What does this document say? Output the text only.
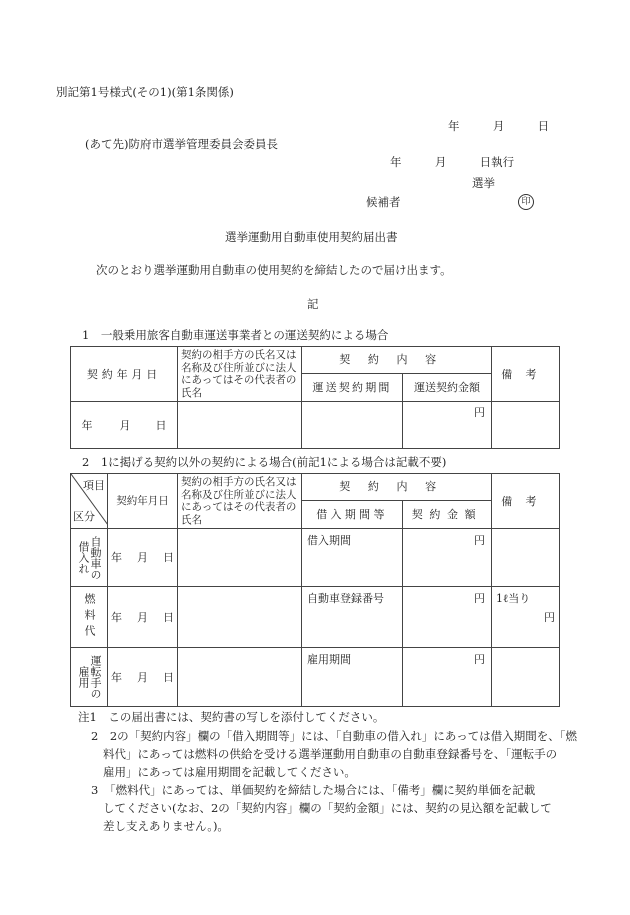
別記第1号様式(その1)(第1条関係)
年	月	日
(あて先)防府市選挙管理委員会委員長
年	月	日執行
選挙
候補者	印
選挙運動用自動車使用契約届出書
次のとおり選挙運動用自動車の使用契約を締結したので届け出ます。
記
1　一般乗用旅客自動車運送事業者との運送契約による場合
契約年月日	契約の相手方の氏名又は名称及び住所並びに法人にあってはその代表者の氏名	契約内容		備考
		運送契約期間	運送契約金額	
年 月 日			円	
2　1に掲げる契約以外の契約による場合(前記1による場合は記載不要)
項目
区分	契約年月日	契約の相手方の氏名又は名称及び住所並びに法人にあってはその代表者の氏名	契約内容		備考
			借入期間等	契約金額	

自動車の借入れ	年 月 日		借入期間	円	

燃料代	年 月 日		自動車登録番号	円	1ℓ当り
円

運転手の雇用	年 月 日		雇用期間	円	
注1　この届出書には、契約書の写しを添付してください。
2　2の「契約内容」欄の「借入期間等」には、「自動車の借入れ」にあっては借入期間を、「燃
料代」にあっては燃料の供給を受ける選挙運動用自動車の自動車登録番号を、「運転手の
雇用」にあっては雇用期間を記載してください。
3　「燃料代」にあっては、単価契約を締結した場合には、「備考」欄に契約単価を記載
してください(なお、2の「契約内容」欄の「契約金額」には、契約の見込額を記載して
差し支えありません。)。
